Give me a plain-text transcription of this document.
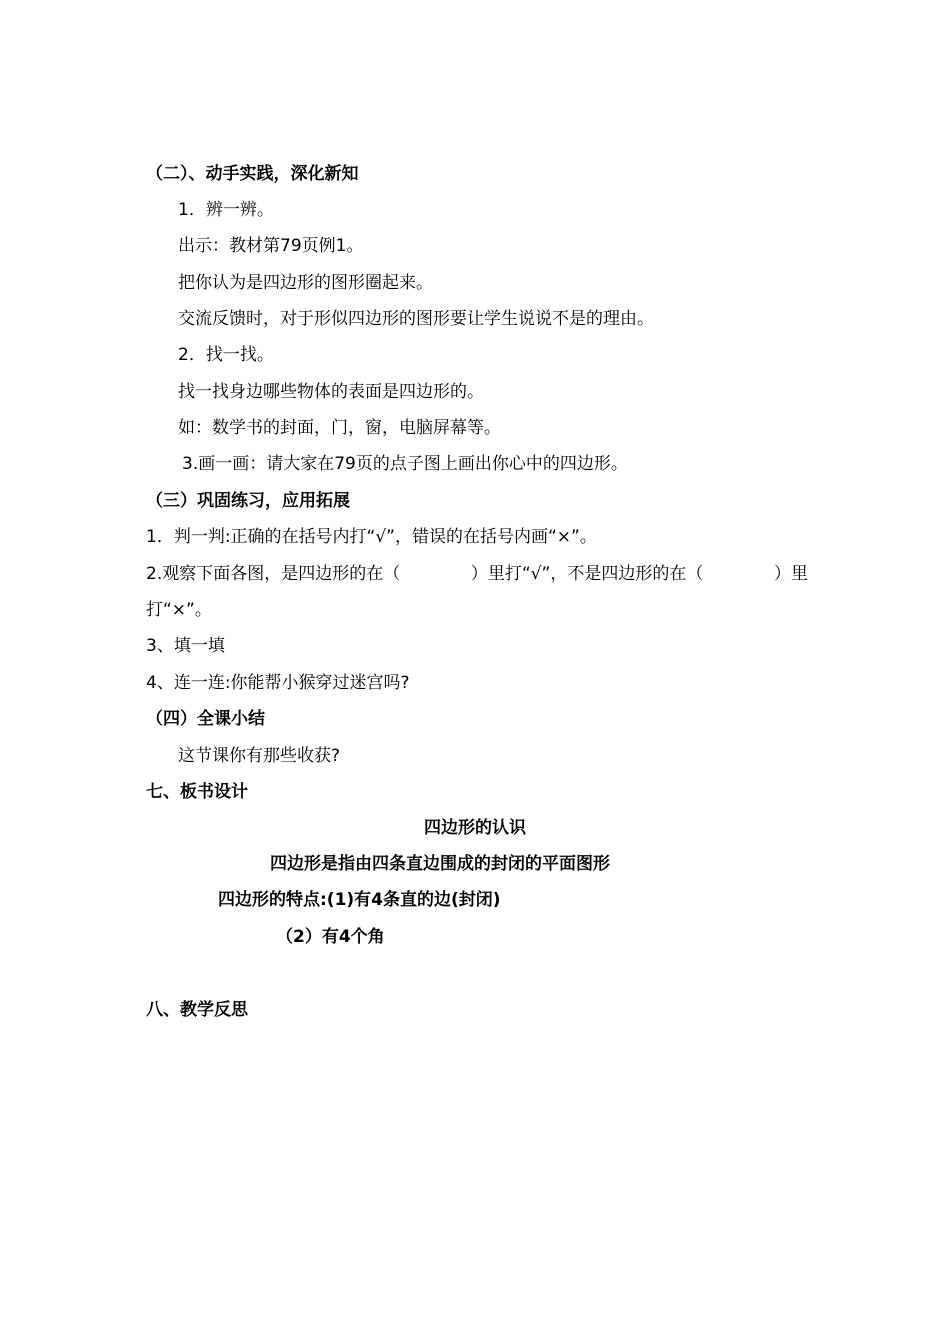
（二）、动手实践，深化新知
1．辨一辨。
出示：教材第79页例1。
把你认为是四边形的图形圈起来。
交流反馈时，对于形似四边形的图形要让学生说说不是的理由。
2．找一找。
找一找身边哪些物体的表面是四边形的。
如：数学书的封面，门，窗，电脑屏幕等。
3.画一画：请大家在79页的点子图上画出你心中的四边形。
（三）巩固练习，应用拓展
1．判一判:正确的在括号内打“√”，错误的在括号内画“×”。
2.观察下面各图，是四边形的在（	）里打“√”，不是四边形的在（	）里
打“×”。
3、填一填
4、连一连:你能帮小猴穿过迷宫吗?
（四）全课小结
这节课你有那些收获?
七、板书设计
四边形的认识
四边形是指由四条直边围成的封闭的平面图形
四边形的特点:(1)有4条直的边(封闭)
（2）有4个角
八、教学反思
